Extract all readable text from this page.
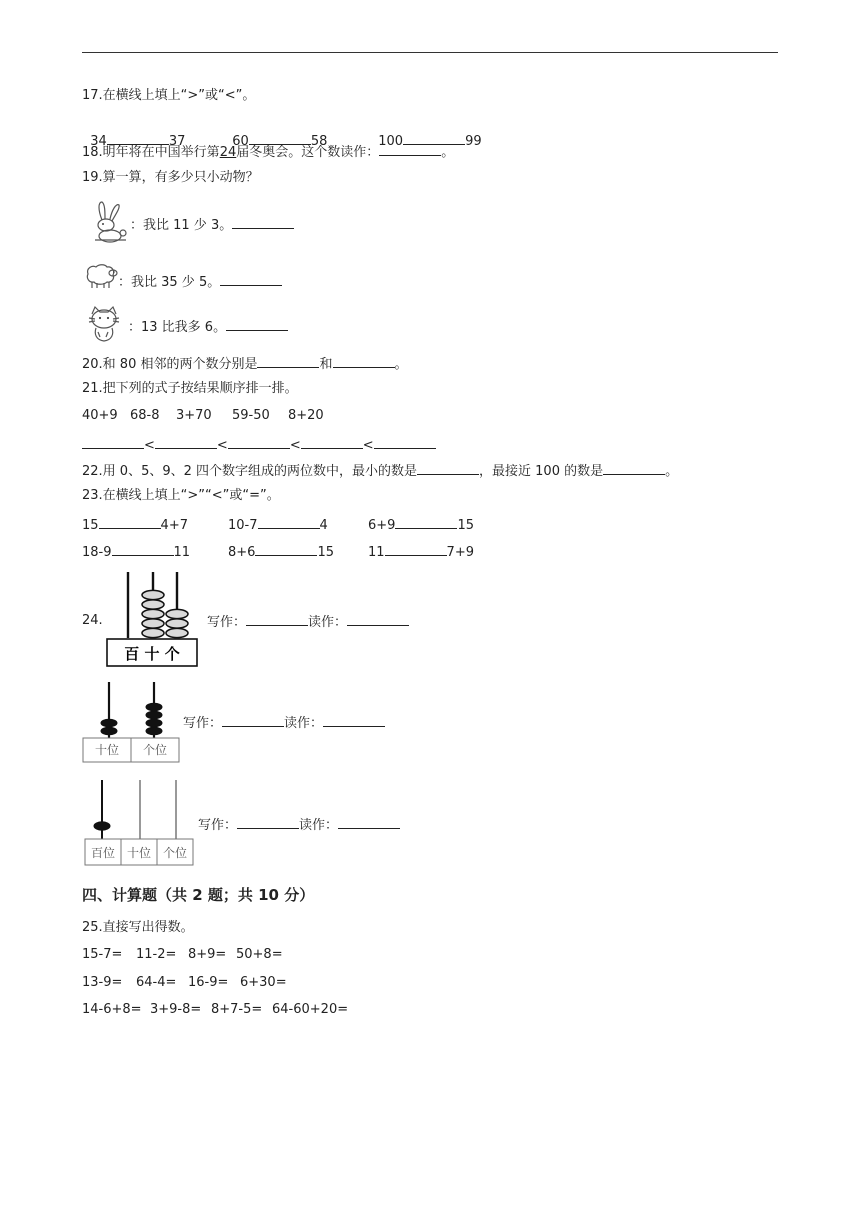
17.在横线上填上“>”或“<”。

34	37	60	58	100	99

18.明年将在中国举行第24届冬奥会。这个数读作：	。
19.算一算，有多少只小动物？
：我比 11 少 3。
：我比 35 少 5。
：13 比我多 6。
20.和 80 相邻的两个数分别是	和	。
21.把下列的式子按结果顺序排一排。
40+9 68-8 3+70 59-50 8+20
<	<	<	<
22.用 0、5、9、2 四个数字组成的两位数中，最小的数是	，最接近 100 的数是	。
23.在横线上填上“>”“<”或“=”。
15	4+7	10-7	4	6+9	15
18-9	11	8+6	15	11	7+9
24.
百 十 个
写作：	读作：
十位 个位
写作：	读作：
百位 十位 个位
写作：	读作：
四、计算题（共 2 题；共 10 分）
25.直接写出得数。
15-7= 11-2= 8+9= 50+8=
13-9= 64-4= 16-9= 6+30=
14-6+8= 3+9-8= 8+7-5= 64-60+20=
